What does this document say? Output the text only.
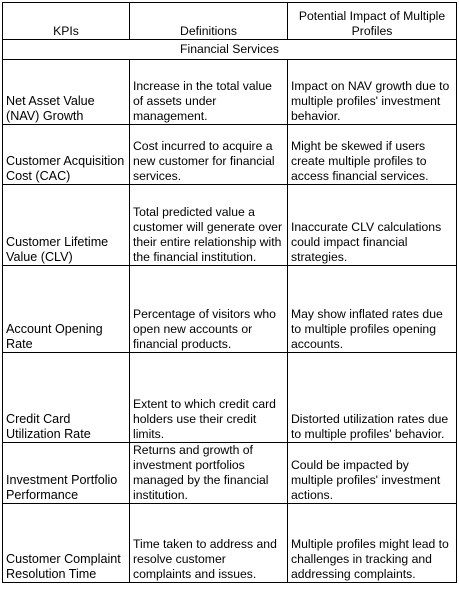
KPIs	Definitions	Potential Impact of Multiple Profiles
Financial Services		
Net Asset Value (NAV) Growth	Increase in the total value of assets under management.	Impact on NAV growth due to multiple profiles' investment behavior.
Customer Acquisition Cost (CAC)	Cost incurred to acquire a new customer for financial services.	Might be skewed if users create multiple profiles to access financial services.
Customer Lifetime Value (CLV)	Total predicted value a customer will generate over their entire relationship with the financial institution.	Inaccurate CLV calculations could impact financial strategies.
Account Opening Rate	Percentage of visitors who open new accounts or financial products.	May show inflated rates due to multiple profiles opening accounts.
Credit Card Utilization Rate	Extent to which credit card holders use their credit limits.	Distorted utilization rates due to multiple profiles' behavior.
Investment Portfolio Performance	Returns and growth of investment portfolios managed by the financial institution.	Could be impacted by multiple profiles' investment actions.
Customer Complaint Resolution Time	Time taken to address and resolve customer complaints and issues.	Multiple profiles might lead to challenges in tracking and addressing complaints.
